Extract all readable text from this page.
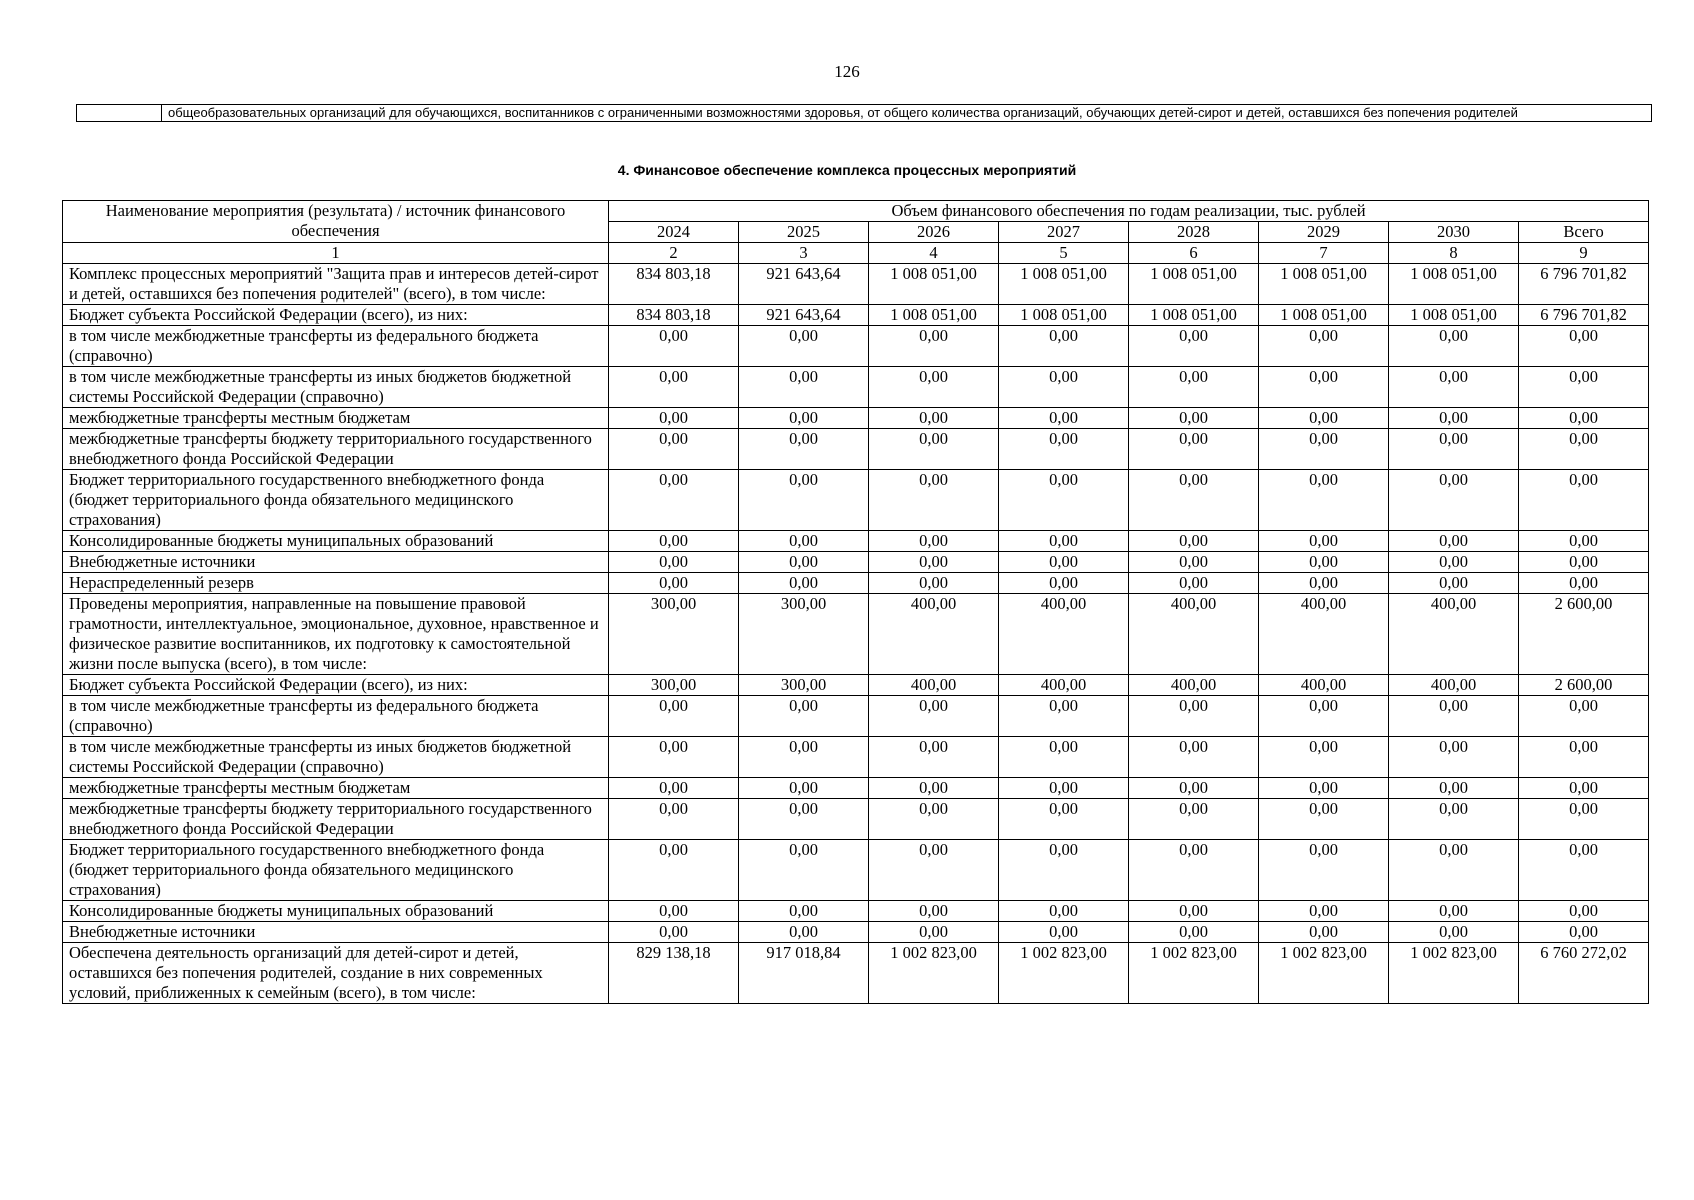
126
	общеобразовательных организаций для обучающихся, воспитанников с ограниченными возможностями здоровья, от общего количества организаций, обучающих детей-сирот и детей, оставшихся без попечения родителей
4. Финансовое обеспечение комплекса процессных мероприятий
Наименование мероприятия (результата) / источник финансового обеспечения	Объем финансового обеспечения по годам реализации, тыс. рублей							
	2024	2025	2026	2027	2028	2029	2030	Всего
1	2	3	4	5	6	7	8	9
Комплекс процессных мероприятий "Защита прав и интересов детей-сирот и детей, оставшихся без попечения родителей" (всего), в том числе:	834 803,18	921 643,64	1 008 051,00	1 008 051,00	1 008 051,00	1 008 051,00	1 008 051,00	6 796 701,82
Бюджет субъекта Российской Федерации (всего), из них:	834 803,18	921 643,64	1 008 051,00	1 008 051,00	1 008 051,00	1 008 051,00	1 008 051,00	6 796 701,82
в том числе межбюджетные трансферты из федерального бюджета (справочно)	0,00	0,00	0,00	0,00	0,00	0,00	0,00	0,00
в том числе межбюджетные трансферты из иных бюджетов бюджетной системы Российской Федерации (справочно)	0,00	0,00	0,00	0,00	0,00	0,00	0,00	0,00
межбюджетные трансферты местным бюджетам	0,00	0,00	0,00	0,00	0,00	0,00	0,00	0,00
межбюджетные трансферты бюджету территориального государственного внебюджетного фонда Российской Федерации	0,00	0,00	0,00	0,00	0,00	0,00	0,00	0,00
Бюджет территориального государственного внебюджетного фонда (бюджет территориального фонда обязательного медицинского страхования)	0,00	0,00	0,00	0,00	0,00	0,00	0,00	0,00
Консолидированные бюджеты муниципальных образований	0,00	0,00	0,00	0,00	0,00	0,00	0,00	0,00
Внебюджетные источники	0,00	0,00	0,00	0,00	0,00	0,00	0,00	0,00
Нераспределенный резерв	0,00	0,00	0,00	0,00	0,00	0,00	0,00	0,00
Проведены мероприятия, направленные на повышение правовой грамотности, интеллектуальное, эмоциональное, духовное, нравственное и физическое развитие воспитанников, их подготовку к самостоятельной жизни после выпуска (всего), в том числе:	300,00	300,00	400,00	400,00	400,00	400,00	400,00	2 600,00
Бюджет субъекта Российской Федерации (всего), из них:	300,00	300,00	400,00	400,00	400,00	400,00	400,00	2 600,00
в том числе межбюджетные трансферты из федерального бюджета (справочно)	0,00	0,00	0,00	0,00	0,00	0,00	0,00	0,00
в том числе межбюджетные трансферты из иных бюджетов бюджетной системы Российской Федерации (справочно)	0,00	0,00	0,00	0,00	0,00	0,00	0,00	0,00
межбюджетные трансферты местным бюджетам	0,00	0,00	0,00	0,00	0,00	0,00	0,00	0,00
межбюджетные трансферты бюджету территориального государственного внебюджетного фонда Российской Федерации	0,00	0,00	0,00	0,00	0,00	0,00	0,00	0,00
Бюджет территориального государственного внебюджетного фонда (бюджет территориального фонда обязательного медицинского страхования)	0,00	0,00	0,00	0,00	0,00	0,00	0,00	0,00
Консолидированные бюджеты муниципальных образований	0,00	0,00	0,00	0,00	0,00	0,00	0,00	0,00
Внебюджетные источники	0,00	0,00	0,00	0,00	0,00	0,00	0,00	0,00
Обеспечена деятельность организаций для детей-сирот и детей, оставшихся без попечения родителей, создание в них современных условий, приближенных к семейным (всего), в том числе:	829 138,18	917 018,84	1 002 823,00	1 002 823,00	1 002 823,00	1 002 823,00	1 002 823,00	6 760 272,02
